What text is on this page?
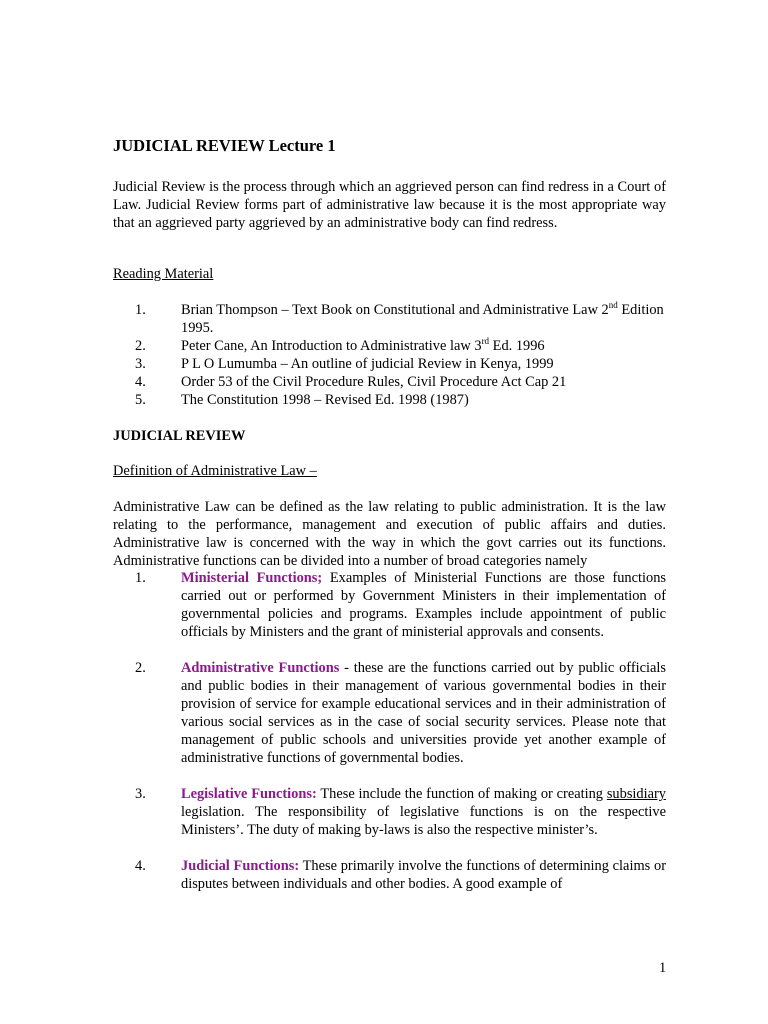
JUDICIAL REVIEW Lecture 1

Judicial Review is the process through which an aggrieved person can find redress in a Court of Law. Judicial Review forms part of administrative law because it is the most appropriate way that an aggrieved party aggrieved by an administrative body can find redress.

Reading Material

1. Brian Thompson – Text Book on Constitutional and Administrative Law 2nd Edition 1995.
2. Peter Cane, An Introduction to Administrative law 3rd Ed. 1996
3. P L O Lumumba – An outline of judicial Review in Kenya, 1999
4. Order 53 of the Civil Procedure Rules, Civil Procedure Act Cap 21
5. The Constitution 1998 – Revised Ed. 1998 (1987)

JUDICIAL REVIEW

Definition of Administrative Law –

Administrative Law can be defined as the law relating to public administration. It is the law relating to the performance, management and execution of public affairs and duties. Administrative law is concerned with the way in which the govt carries out its functions. Administrative functions can be divided into a number of broad categories namely

1. Ministerial Functions; Examples of Ministerial Functions are those functions carried out or performed by Government Ministers in their implementation of governmental policies and programs. Examples include appointment of public officials by Ministers and the grant of ministerial approvals and consents.
2. Administrative Functions - these are the functions carried out by public officials and public bodies in their management of various governmental bodies in their provision of service for example educational services and in their administration of various social services as in the case of social security services. Please note that management of public schools and universities provide yet another example of administrative functions of governmental bodies.
3. Legislative Functions: These include the function of making or creating subsidiary legislation. The responsibility of legislative functions is on the respective Ministers’. The duty of making by-laws is also the respective minister’s.
4. Judicial Functions: These primarily involve the functions of determining claims or disputes between individuals and other bodies. A good example of
1
